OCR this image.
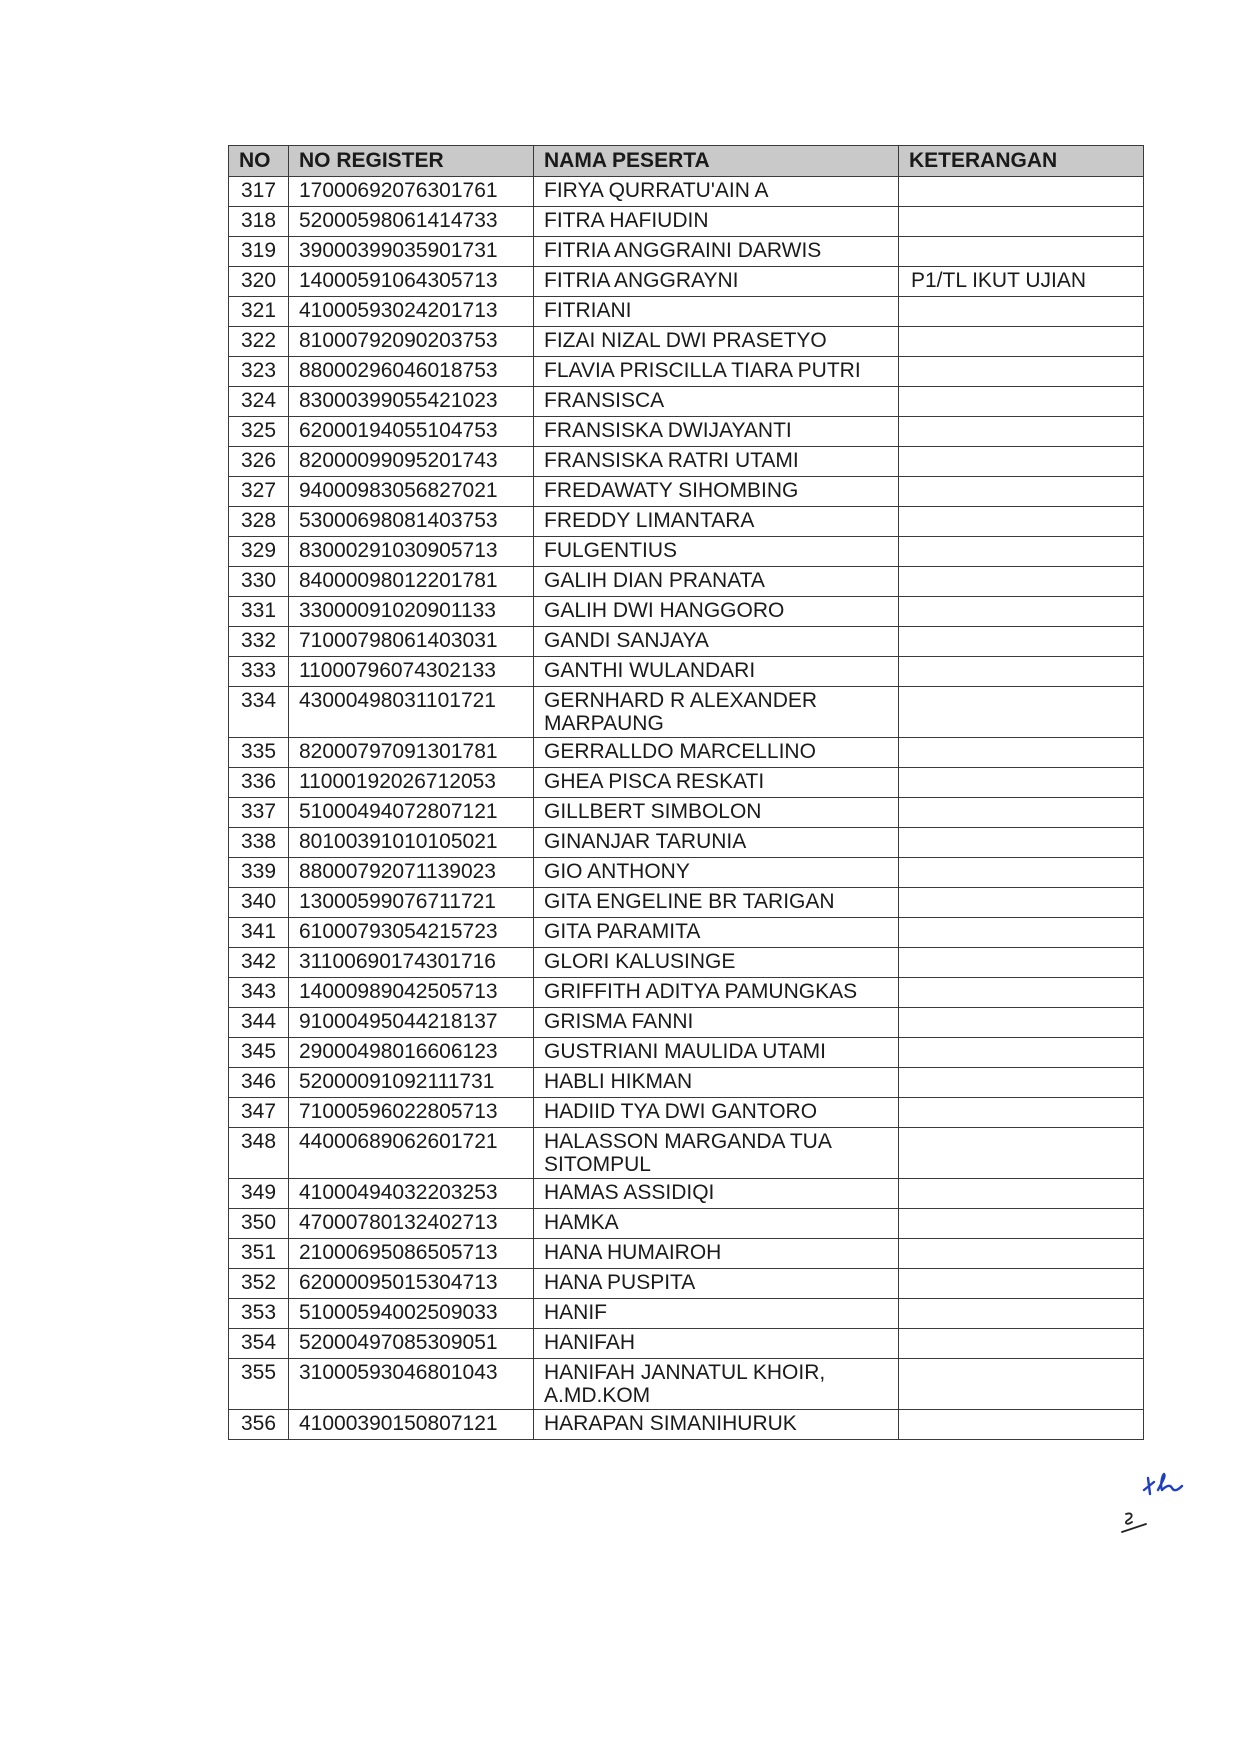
NO	NO REGISTER	NAMA PESERTA	KETERANGAN
317	17000692076301761	FIRYA QURRATU'AIN A	
318	52000598061414733	FITRA HAFIUDIN	
319	39000399035901731	FITRIA ANGGRAINI DARWIS	
320	14000591064305713	FITRIA ANGGRAYNI	P1/TL IKUT UJIAN
321	41000593024201713	FITRIANI	
322	81000792090203753	FIZAI NIZAL DWI PRASETYO	
323	88000296046018753	FLAVIA PRISCILLA TIARA PUTRI	
324	83000399055421023	FRANSISCA	
325	62000194055104753	FRANSISKA DWIJAYANTI	
326	82000099095201743	FRANSISKA RATRI UTAMI	
327	94000983056827021	FREDAWATY SIHOMBING	
328	53000698081403753	FREDDY LIMANTARA	
329	83000291030905713	FULGENTIUS	
330	84000098012201781	GALIH DIAN PRANATA	
331	33000091020901133	GALIH DWI HANGGORO	
332	71000798061403031	GANDI SANJAYA	
333	11000796074302133	GANTHI WULANDARI	
334	43000498031101721	GERNHARD R ALEXANDER MARPAUNG	
335	82000797091301781	GERRALLDO MARCELLINO	
336	11000192026712053	GHEA PISCA RESKATI	
337	51000494072807121	GILLBERT SIMBOLON	
338	80100391010105021	GINANJAR TARUNIA	
339	88000792071139023	GIO ANTHONY	
340	13000599076711721	GITA ENGELINE BR TARIGAN	
341	61000793054215723	GITA PARAMITA	
342	31100690174301716	GLORI KALUSINGE	
343	14000989042505713	GRIFFITH ADITYA PAMUNGKAS	
344	91000495044218137	GRISMA FANNI	
345	29000498016606123	GUSTRIANI MAULIDA UTAMI	
346	52000091092111731	HABLI HIKMAN	
347	71000596022805713	HADIID TYA DWI GANTORO	
348	44000689062601721	HALASSON MARGANDA TUA SITOMPUL	
349	41000494032203253	HAMAS ASSIDIQI	
350	47000780132402713	HAMKA	
351	21000695086505713	HANA HUMAIROH	
352	62000095015304713	HANA PUSPITA	
353	51000594002509033	HANIF	
354	52000497085309051	HANIFAH	
355	31000593046801043	HANIFAH JANNATUL KHOIR, A.MD.KOM	
356	41000390150807121	HARAPAN SIMANIHURUK	
